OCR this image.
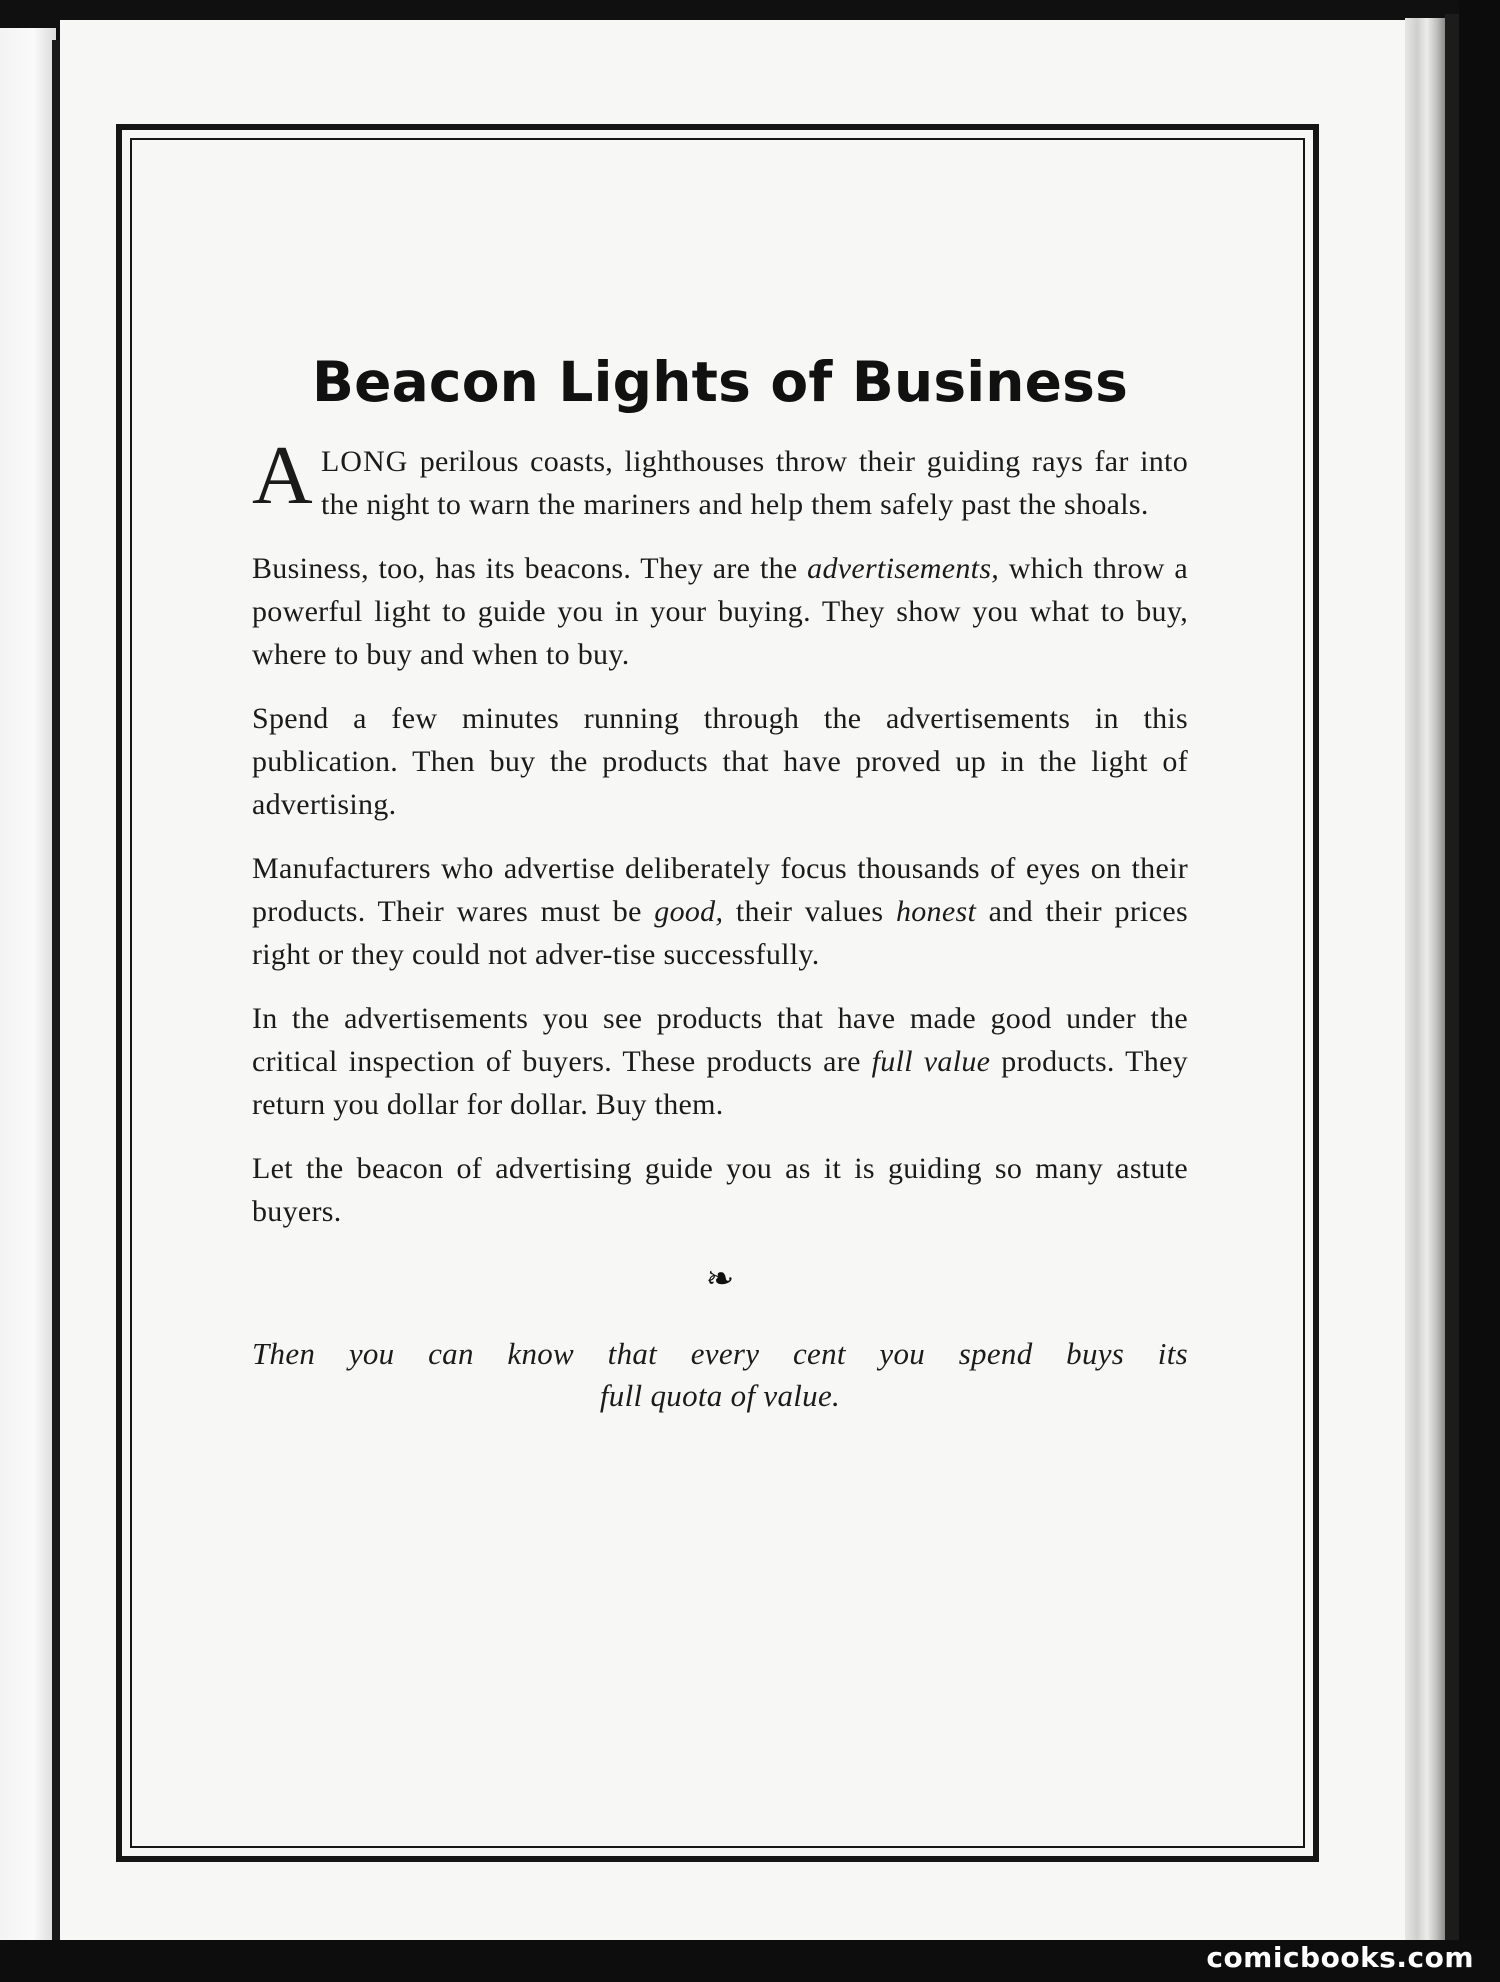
Beacon Lights of Business

ALONG perilous coasts, lighthouses throw their guiding rays far into the night to warn the mariners and help them safely past the shoals.

Business, too, has its beacons. They are the advertisements, which throw a powerful light to guide you in your buying. They show you what to buy, where to buy and when to buy.

Spend a few minutes running through the advertisements in this publication. Then buy the products that have proved up in the light of advertising.

Manufacturers who advertise deliberately focus thousands of eyes on their products. Their wares must be good, their values honest and their prices right or they could not adver-tise successfully.

In the advertisements you see products that have made good under the critical inspection of buyers. These products are full value products. They return you dollar for dollar. Buy them.

Let the beacon of advertising guide you as it is guiding so many astute buyers.

❧

Then you can know that every cent you spend buys its
full quota of value.

comicbooks.com
